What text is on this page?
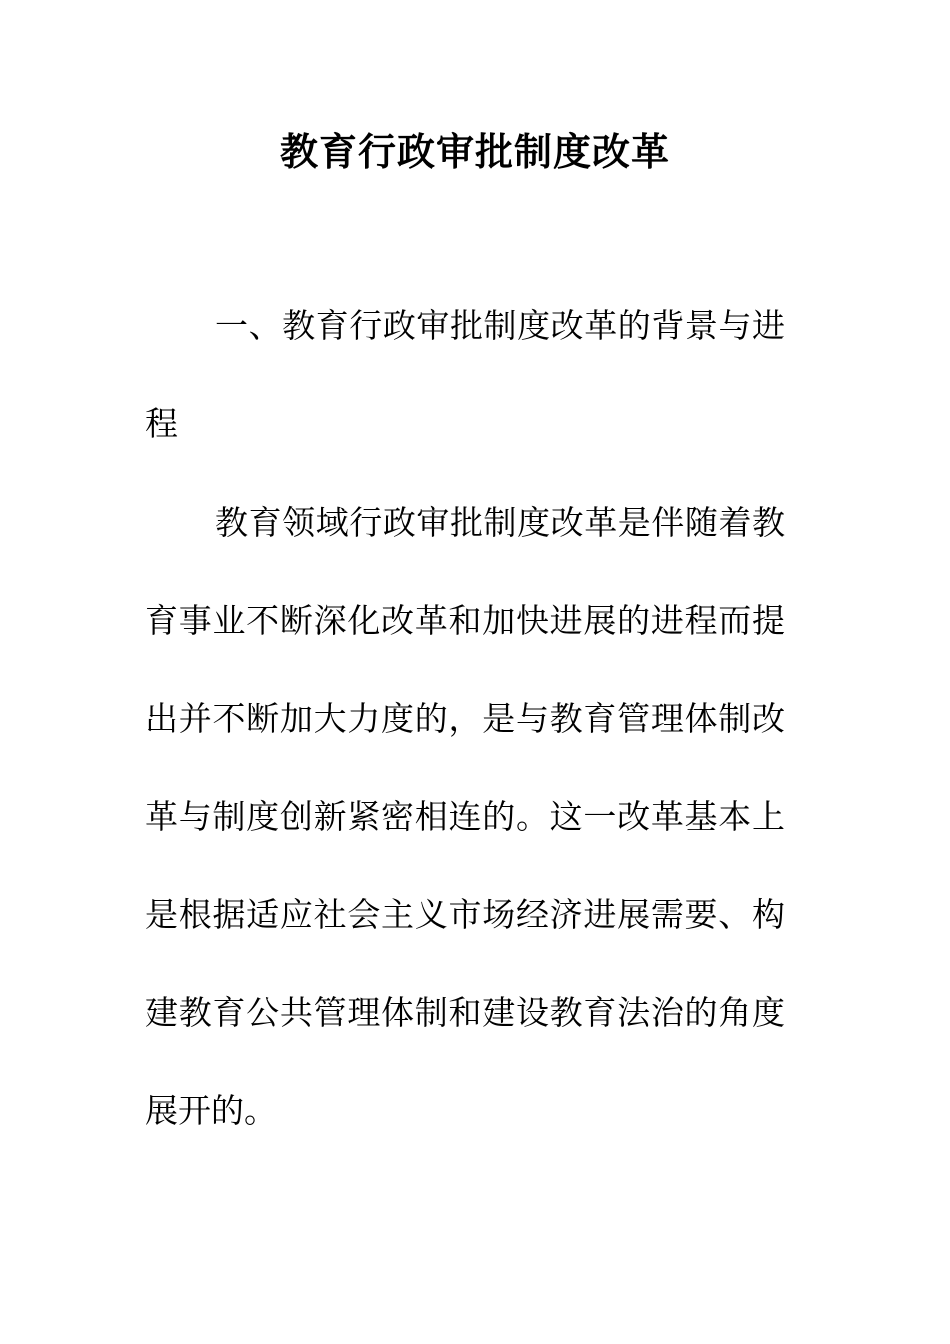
教育行政审批制度改革

一、教育行政审批制度改革的背景与进程

教育领域行政审批制度改革是伴随着教育事业不断深化改革和加快进展的进程而提出并不断加大力度的，是与教育管理体制改革与制度创新紧密相连的。这一改革基本上是根据适应社会主义市场经济进展需要、构建教育公共管理体制和建设教育法治的角度展开的。
